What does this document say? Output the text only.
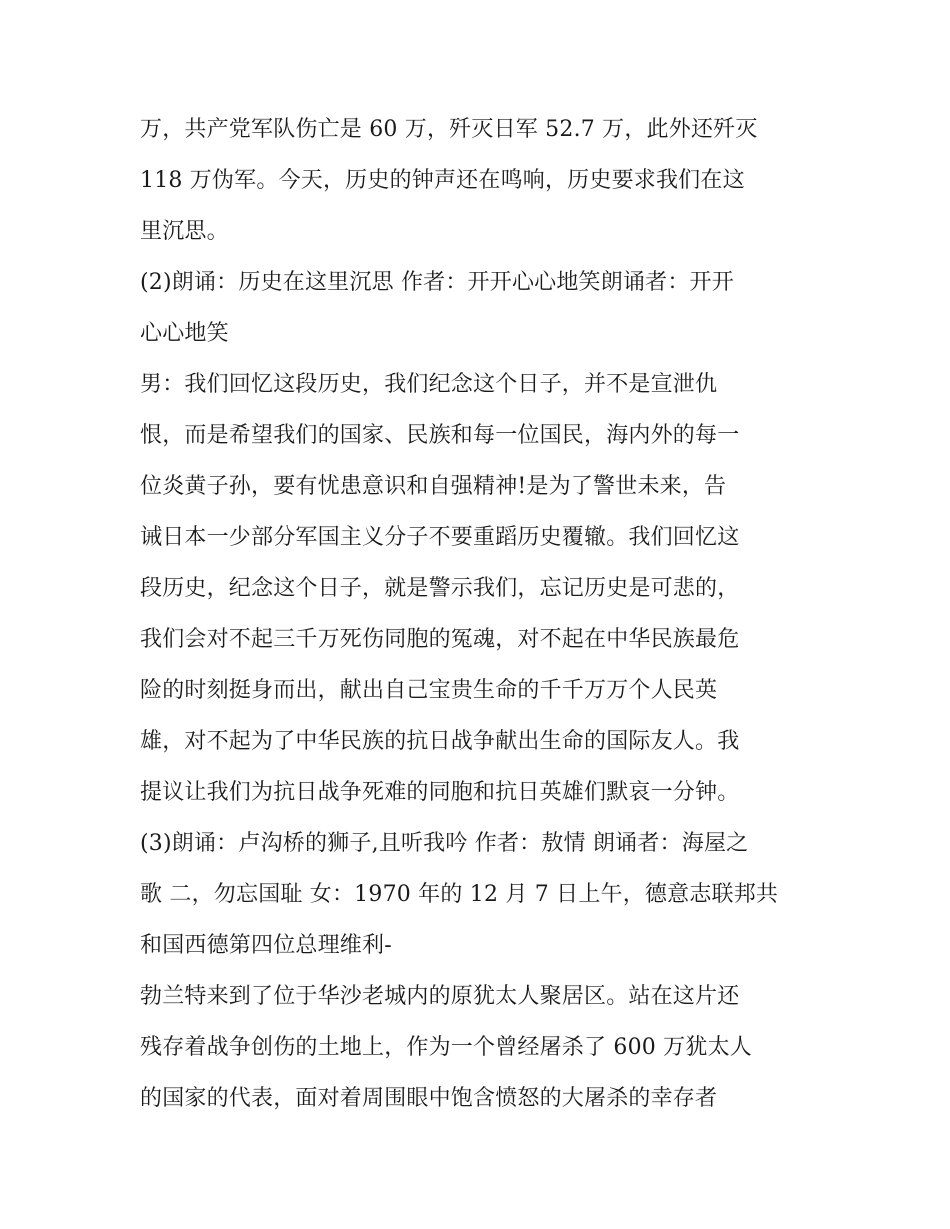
万，共产党军队伤亡是 60 万，歼灭日军 52.7 万，此外还歼灭
118 万伪军。今天，历史的钟声还在鸣响，历史要求我们在这
里沉思。
(2)朗诵：历史在这里沉思 作者：开开心心地笑朗诵者：开开
心心地笑
男：我们回忆这段历史，我们纪念这个日子，并不是宣泄仇
恨，而是希望我们的国家、民族和每一位国民，海内外的每一
位炎黄子孙，要有忧患意识和自强精神!是为了警世未来，告
诫日本一少部分军国主义分子不要重蹈历史覆辙。我们回忆这
段历史，纪念这个日子，就是警示我们，忘记历史是可悲的，
我们会对不起三千万死伤同胞的冤魂，对不起在中华民族最危
险的时刻挺身而出，献出自己宝贵生命的千千万万个人民英
雄，对不起为了中华民族的抗日战争献出生命的国际友人。我
提议让我们为抗日战争死难的同胞和抗日英雄们默哀一分钟。
(3)朗诵：卢沟桥的狮子,且听我吟 作者：敖情 朗诵者：海屋之
歌 二，勿忘国耻 女：1970 年的 12 月 7 日上午，德意志联邦共
和国西德第四位总理维利-
勃兰特来到了位于华沙老城内的原犹太人聚居区。站在这片还
残存着战争创伤的土地上，作为一个曾经屠杀了 600 万犹太人
的国家的代表，面对着周围眼中饱含愤怒的大屠杀的幸存者
